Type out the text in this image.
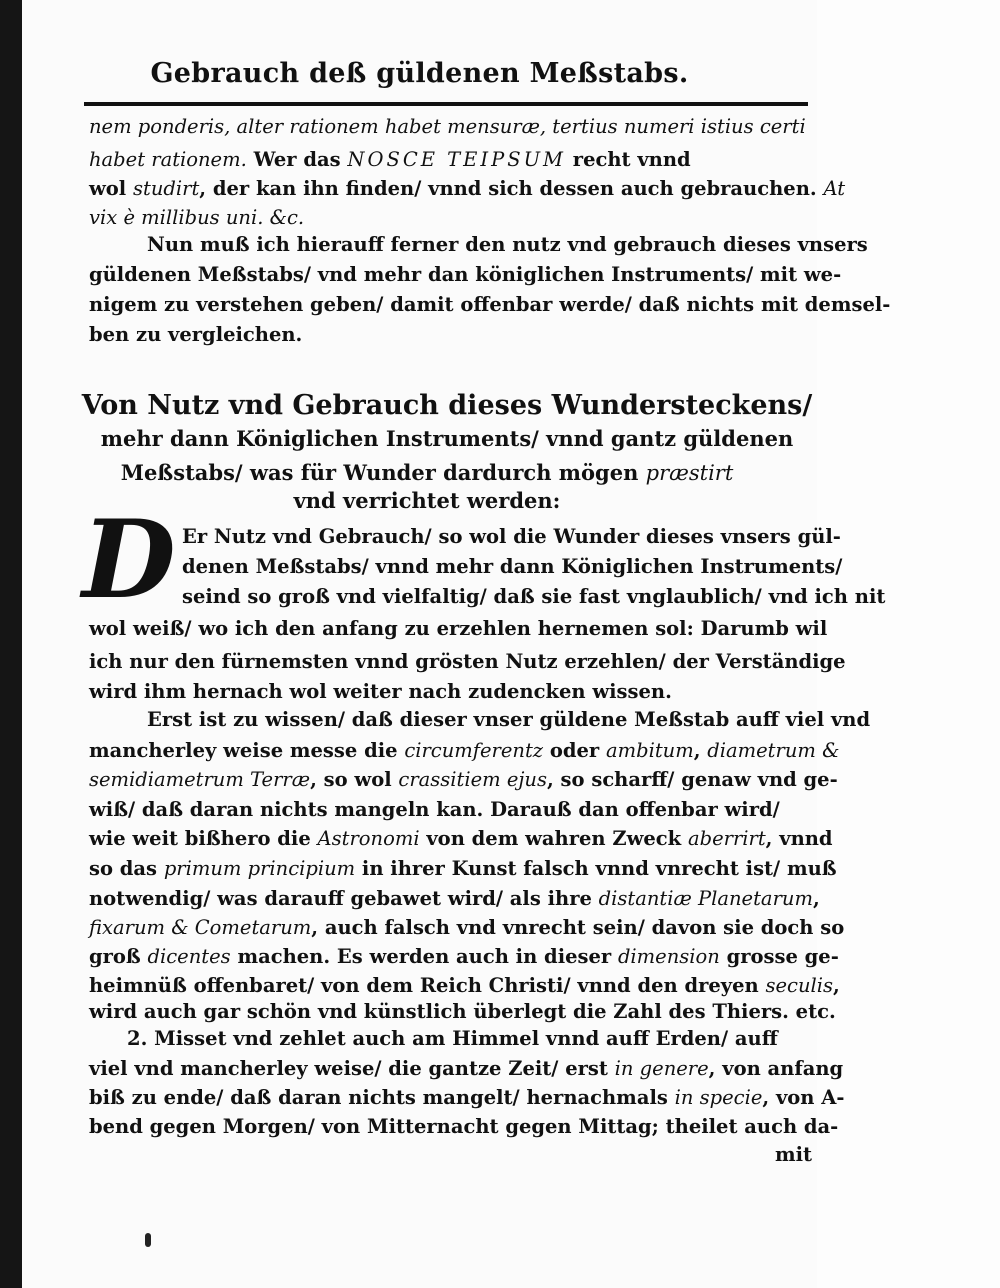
Gebrauch deß güldenen Meßstabs.
nem ponderis, alter rationem habet mensuræ, tertius numeri istius certi
habet rationem. Wer das NOSCE TEIPSUM recht vnnd
wol studirt, der kan ihn finden/ vnnd sich dessen auch gebrauchen. At
vix è millibus uni. &c.
Nun muß ich hierauff ferner den nutz vnd gebrauch dieses vnsers
güldenen Meßstabs/ vnd mehr dan königlichen Instruments/ mit we-
nigem zu verstehen geben/ damit offenbar werde/ daß nichts mit demsel-
ben zu vergleichen.
Von Nutz vnd Gebrauch dieses Wundersteckens/
mehr dann Königlichen Instruments/ vnnd gantz güldenen
Meßstabs/ was für Wunder dardurch mögen præstirt
vnd verrichtet werden:
D Er Nutz vnd Gebrauch/ so wol die Wunder dieses vnsers gül-
denen Meßstabs/ vnnd mehr dann Königlichen Instruments/
seind so groß vnd vielfaltig/ daß sie fast vnglaublich/ vnd ich nit
wol weiß/ wo ich den anfang zu erzehlen hernemen sol: Darumb wil
ich nur den fürnemsten vnnd grösten Nutz erzehlen/ der Verständige
wird ihm hernach wol weiter nach zudencken wissen.
Erst ist zu wissen/ daß dieser vnser güldene Meßstab auff viel vnd
mancherley weise messe die circumferentz oder ambitum, diametrum &
semidiametrum Terræ, so wol crassitiem ejus, so scharff/ genaw vnd ge-
wiß/ daß daran nichts mangeln kan. Darauß dan offenbar wird/
wie weit bißhero die Astronomi von dem wahren Zweck aberrirt, vnnd
so das primum principium in ihrer Kunst falsch vnnd vnrecht ist/ muß
notwendig/ was darauff gebawet wird/ als ihre distantiæ Planetarum,
fixarum & Cometarum, auch falsch vnd vnrecht sein/ davon sie doch so
groß dicentes machen. Es werden auch in dieser dimension grosse ge-
heimnüß offenbaret/ von dem Reich Christi/ vnnd den dreyen seculis,
wird auch gar schön vnd künstlich überlegt die Zahl des Thiers. etc.
2. Misset vnd zehlet auch am Himmel vnnd auff Erden/ auff
viel vnd mancherley weise/ die gantze Zeit/ erst in genere, von anfang
biß zu ende/ daß daran nichts mangelt/ hernachmals in specie, von A-
bend gegen Morgen/ von Mitternacht gegen Mittag; theilet auch da-
mit
